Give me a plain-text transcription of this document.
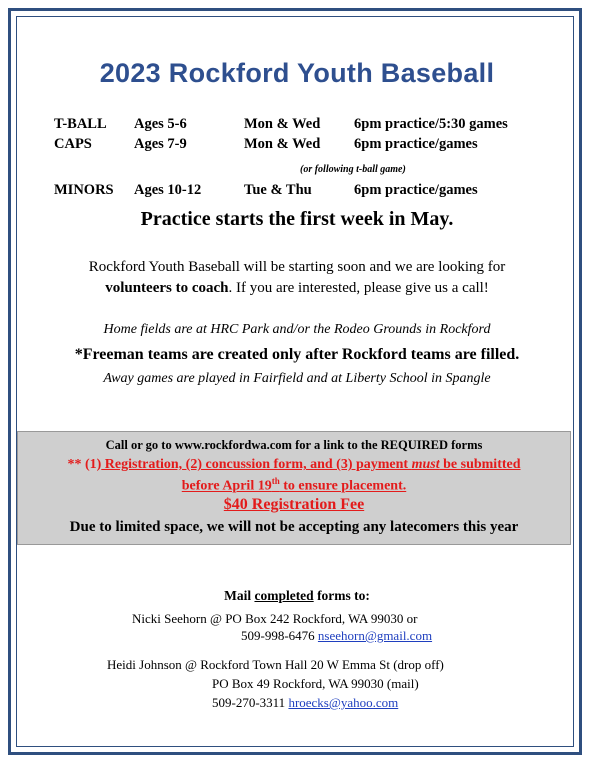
2023 Rockford Youth Baseball
T-BALL Ages 5-6	Mon & Wed 6pm practice/5:30 games
CAPS	Ages 7-9	Mon & Wed 6pm practice/games
(or following t-ball game)
MINORS Ages 10-12	Tue & Thu	6pm practice/games
Practice starts the first week in May.
Rockford Youth Baseball will be starting soon and we are looking for
volunteers to coach. If you are interested, please give us a call!
Home fields are at HRC Park and/or the Rodeo Grounds in Rockford
*Freeman teams are created only after Rockford teams are filled.
Away games are played in Fairfield and at Liberty School in Spangle
Call or go to www.rockfordwa.com for a link to the REQUIRED forms
** (1) Registration, (2) concussion form, and (3) payment must be submitted
before April 19th to ensure placement.
$40 Registration Fee
Due to limited space, we will not be accepting any latecomers this year
Mail completed forms to:
Nicki Seehorn @ PO Box 242 Rockford, WA 99030 or
509-998-6476 nseehorn@gmail.com
Heidi Johnson @ Rockford Town Hall 20 W Emma St (drop off)
PO Box 49 Rockford, WA 99030 (mail)
509-270-3311 hroecks@yahoo.com
